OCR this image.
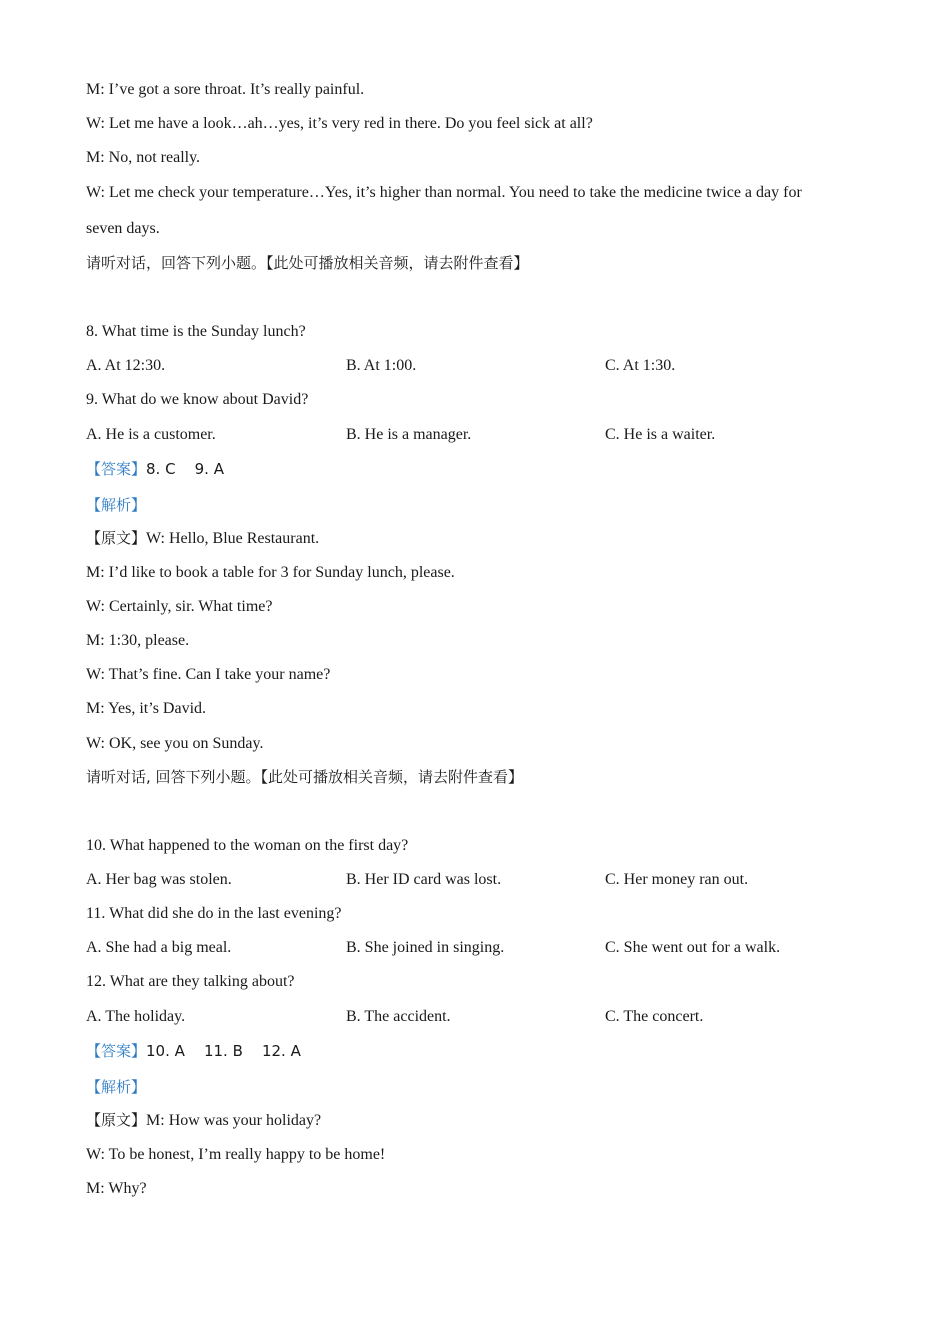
M: I’ve got a sore throat. It’s really painful.
W: Let me have a look…ah…yes, it’s very red in there. Do you feel sick at all?
M: No, not really.
W: Let me check your temperature…Yes, it’s higher than normal. You need to take the medicine twice a day for
seven days.
请听对话，回答下列小题。【此处可播放相关音频，请去附件查看】
8. What time is the Sunday lunch?
A. At 12:30.	B. At 1:00.	C. At 1:30.
9. What do we know about David?
A. He is a customer.	B. He is a manager.	C. He is a waiter.
【答案】8. C    9. A
【解析】
【原文】W: Hello, Blue Restaurant.
M: I’d like to book a table for 3 for Sunday lunch, please.
W: Certainly, sir. What time?
M: 1:30, please.
W: That’s fine. Can I take your name?
M: Yes, it’s David.
W: OK, see you on Sunday.
请听对话, 回答下列小题。【此处可播放相关音频，请去附件查看】
10. What happened to the woman on the first day?
A. Her bag was stolen.	B. Her ID card was lost.	C. Her money ran out.
11. What did she do in the last evening?
A. She had a big meal.	B. She joined in singing.	C. She went out for a walk.
12. What are they talking about?
A. The holiday.	B. The accident.	C. The concert.
【答案】10. A    11. B    12. A
【解析】
【原文】M: How was your holiday?
W: To be honest, I’m really happy to be home!
M: Why?
